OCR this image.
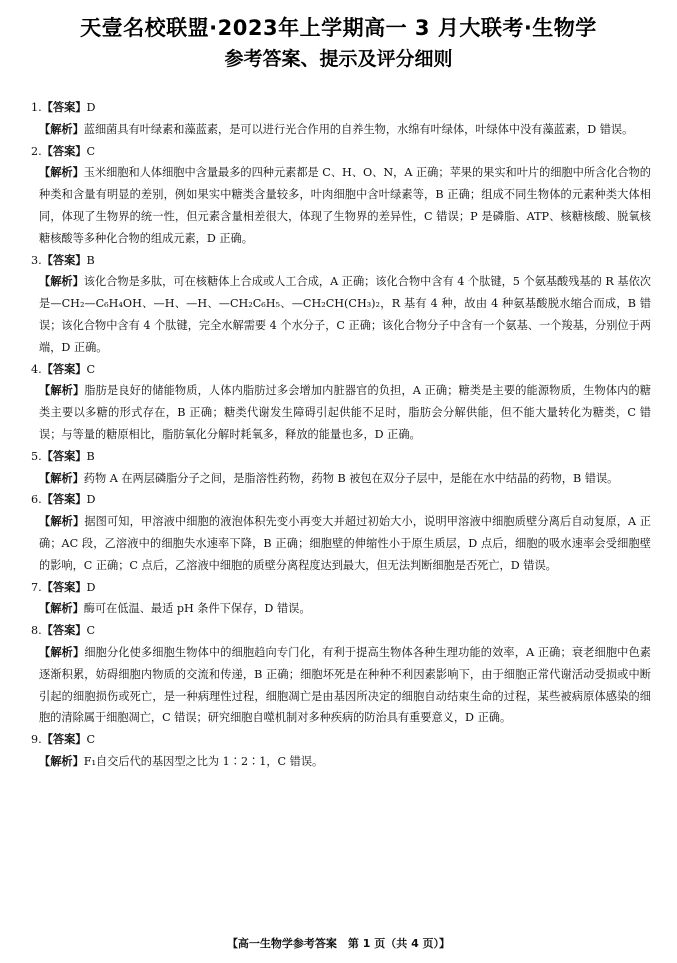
天壹名校联盟·2023年上学期高一 3 月大联考·生物学
参考答案、提示及评分细则
1.【答案】D
【解析】蓝细菌具有叶绿素和藻蓝素，是可以进行光合作用的自养生物，水绵有叶绿体，叶绿体中没有藻蓝素，D 错误。
2.【答案】C
【解析】玉米细胞和人体细胞中含量最多的四种元素都是 C、H、O、N，A 正确；苹果的果实和叶片的细胞中所含化合物的种类和含量有明显的差别，例如果实中糖类含量较多，叶肉细胞中含叶绿素等，B 正确；组成不同生物体的元素种类大体相同，体现了生物界的统一性，但元素含量相差很大，体现了生物界的差异性，C 错误；P 是磷脂、ATP、核糖核酸、脱氧核糖核酸等多种化合物的组成元素，D 正确。
3.【答案】B
【解析】该化合物是多肽，可在核糖体上合成或人工合成，A 正确；该化合物中含有 4 个肽键，5 个氨基酸残基的 R 基依次是—CH₂—C₆H₄OH、—H、—H、—CH₂C₆H₅、—CH₂CH(CH₃)₂，R 基有 4 种，故由 4 种氨基酸脱水缩合而成，B 错误；该化合物中含有 4 个肽键，完全水解需要 4 个水分子，C 正确；该化合物分子中含有一个氨基、一个羧基，分别位于两端，D 正确。
4.【答案】C
【解析】脂肪是良好的储能物质，人体内脂肪过多会增加内脏器官的负担，A 正确；糖类是主要的能源物质，生物体内的糖类主要以多糖的形式存在，B 正确；糖类代谢发生障碍引起供能不足时，脂肪会分解供能，但不能大量转化为糖类，C 错误；与等量的糖原相比，脂肪氧化分解时耗氧多，释放的能量也多，D 正确。
5.【答案】B
【解析】药物 A 在两层磷脂分子之间，是脂溶性药物，药物 B 被包在双分子层中，是能在水中结晶的药物，B 错误。
6.【答案】D
【解析】据图可知，甲溶液中细胞的液泡体积先变小再变大并超过初始大小，说明甲溶液中细胞质壁分离后自动复原，A 正确；AC 段，乙溶液中的细胞失水速率下降，B 正确；细胞壁的伸缩性小于原生质层，D 点后，细胞的吸水速率会受细胞壁的影响，C 正确；C 点后，乙溶液中细胞的质壁分离程度达到最大，但无法判断细胞是否死亡，D 错误。
7.【答案】D
【解析】酶可在低温、最适 pH 条件下保存，D 错误。
8.【答案】C
【解析】细胞分化使多细胞生物体中的细胞趋向专门化，有利于提高生物体各种生理功能的效率，A 正确；衰老细胞中色素逐渐积累，妨碍细胞内物质的交流和传递，B 正确；细胞坏死是在种种不利因素影响下，由于细胞正常代谢活动受损或中断引起的细胞损伤或死亡，是一种病理性过程，细胞凋亡是由基因所决定的细胞自动结束生命的过程，某些被病原体感染的细胞的清除属于细胞凋亡，C 错误；研究细胞自噬机制对多种疾病的防治具有重要意义，D 正确。
9.【答案】C
【解析】F₁自交后代的基因型之比为 1∶2∶1，C 错误。
【高一生物学参考答案　第 1 页（共 4 页）】
